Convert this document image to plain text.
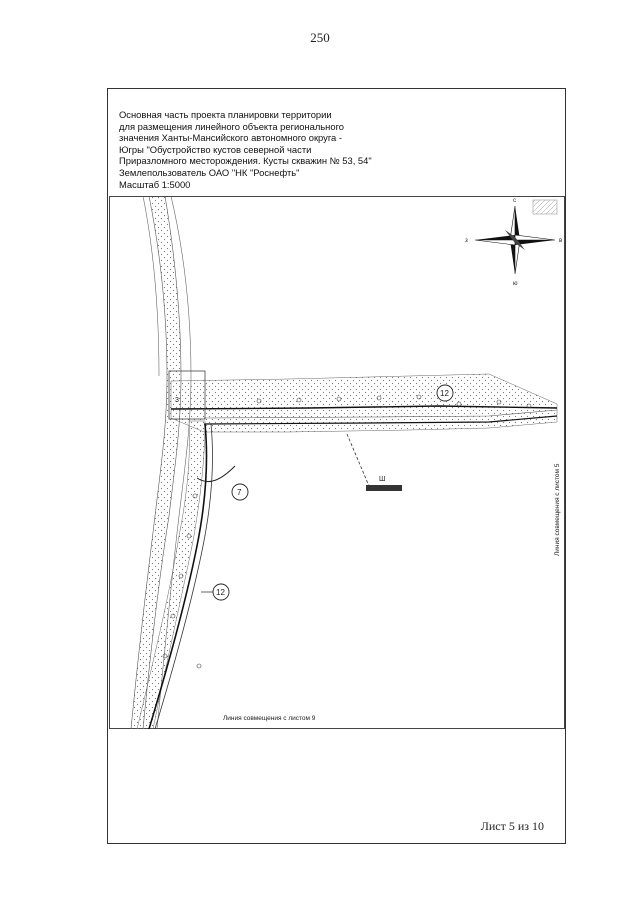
250
Основная часть проекта планировки территории
для размещения линейного объекта регионального
значения Ханты-Мансийского автономного округа -
Югры "Обустройство кустов северной части
Приразломного месторождения. Кусты скважин № 53, 54"
Землепользователь ОАО "НК "Роснефть"
Масштаб 1:5000
Ш
с
ю
з	в
12
7
12
3
Линия совмещения с листом 9
Линия совмещения с листом 5
Лист 5 из 10
